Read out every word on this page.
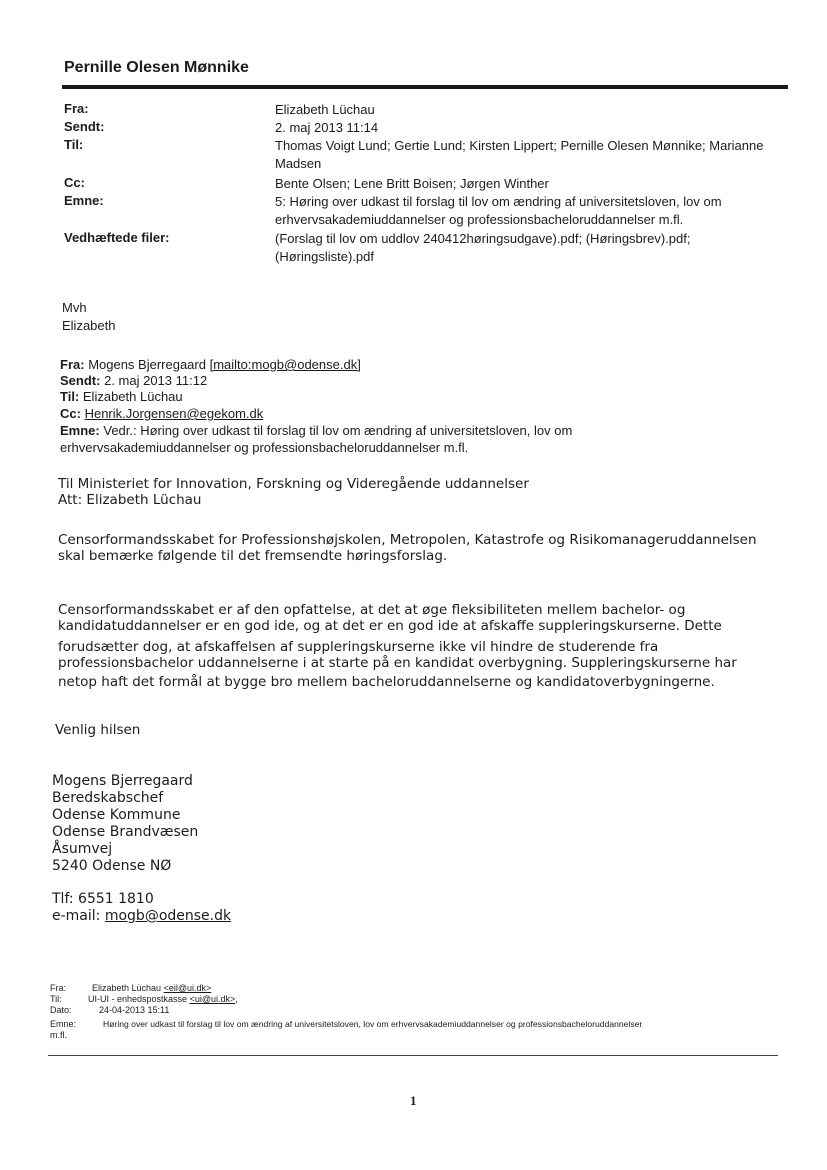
Pernille Olesen Mønnike
Fra:	Elizabeth Lüchau
Sendt:	2. maj 2013 11:14
Til:	Thomas Voigt Lund; Gertie Lund; Kirsten Lippert; Pernille Olesen Mønnike; Marianne Madsen
Cc:	Bente Olsen; Lene Britt Boisen; Jørgen Winther
Emne:	5: Høring over udkast til forslag til lov om ændring af universitetsloven, lov om erhvervsakademiuddannelser og professionsbacheloruddannelser m.fl.
Vedhæftede filer:	(Forslag til lov om uddlov 240412høringsudgave).pdf; (Høringsbrev).pdf; (Høringsliste).pdf
Mvh
Elizabeth
Fra: Mogens Bjerregaard [mailto:mogb@odense.dk]
Sendt: 2. maj 2013 11:12
Til: Elizabeth Lüchau
Cc: Henrik.Jorgensen@egekom.dk
Emne: Vedr.: Høring over udkast til forslag til lov om ændring af universitetsloven, lov om
erhvervsakademiuddannelser og professionsbacheloruddannelser m.fl.
Til Ministeriet for Innovation, Forskning og Videregående uddannelser
Att: Elizabeth Lüchau
Censorformandsskabet for Professionshøjskolen, Metropolen, Katastrofe og Risikomanageruddannelsen
skal bemærke følgende til det fremsendte høringsforslag.
Censorformandsskabet er af den opfattelse, at det at øge fleksibiliteten mellem bachelor- og
kandidatuddannelser er en god ide, og at det er en god ide at afskaffe suppleringskurserne. Dette
forudsætter dog, at afskaffelsen af suppleringskurserne ikke vil hindre de studerende fra
professionsbachelor uddannelserne i at starte på en kandidat overbygning. Suppleringskurserne har
netop haft det formål at bygge bro mellem bacheloruddannelserne og kandidatoverbygningerne.
Venlig hilsen
Mogens Bjerregaard
Beredskabschef
Odense Kommune
Odense Brandvæsen
Åsumvej
5240 Odense NØ
Tlf: 6551 1810
e-mail: mogb@odense.dk
Fra:	Elizabeth Lüchau <eil@ui.dk>
Til:	UI-UI - enhedspostkasse <ui@ui.dk>,
Dato:	24-04-2013 15:11
Emne:	Høring over udkast til forslag til lov om ændring af universitetsloven, lov om erhvervsakademiuddannelser og professionsbacheloruddannelser
m.fl.
1
